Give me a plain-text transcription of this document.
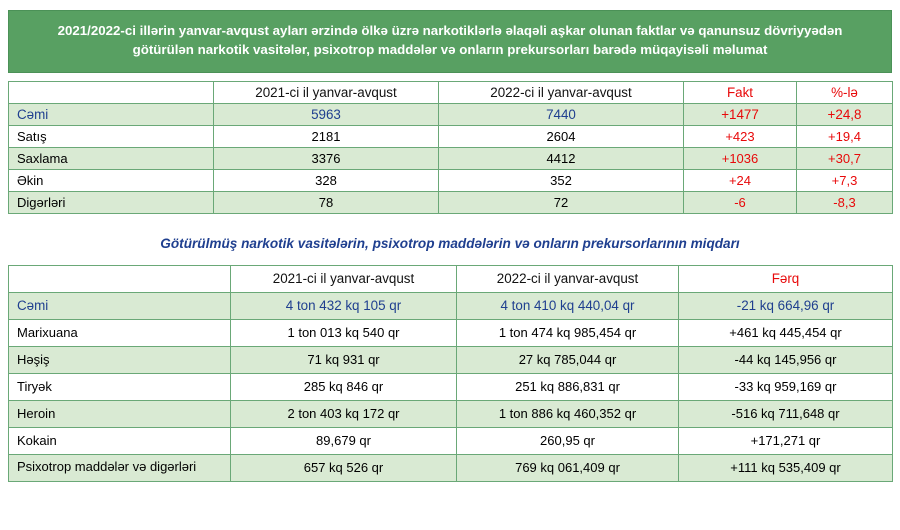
2021/2022-ci illərin yanvar-avqust ayları ərzində ölkə üzrə narkotiklərlə əlaqəli aşkar olunan faktlar və qanunsuz dövriyyədən
götürülən narkotik vasitələr, psixotrop maddələr və onların prekursorları barədə müqayisəli məlumat
	2021-ci il yanvar-avqust	2022-ci il yanvar-avqust	Fakt	%-lə
Cəmi	5963	7440	+1477	+24,8
Satış	2181	2604	+423	+19,4
Saxlama	3376	4412	+1036	+30,7
Əkin	328	352	+24	+7,3
Digərləri	78	72	-6	-8,3
Götürülmüş narkotik vasitələrin, psixotrop maddələrin və onların prekursorlarının miqdarı
	2021-ci il yanvar-avqust	2022-ci il yanvar-avqust	Fərq
Cəmi	4 ton 432 kq 105 qr	4 ton 410 kq 440,04 qr	-21 kq 664,96 qr
Marixuana	1 ton 013 kq 540 qr	1 ton 474 kq 985,454 qr	+461 kq 445,454 qr
Həşiş	71 kq 931 qr	27 kq 785,044 qr	-44 kq 145,956 qr
Tiryək	285 kq 846 qr	251 kq 886,831 qr	-33 kq 959,169 qr
Heroin	2 ton 403 kq 172 qr	1 ton 886 kq 460,352 qr	-516 kq 711,648 qr
Kokain	89,679 qr	260,95 qr	+171,271 qr
Psixotrop maddələr və digərləri	657 kq 526 qr	769 kq 061,409 qr	+111 kq 535,409 qr
